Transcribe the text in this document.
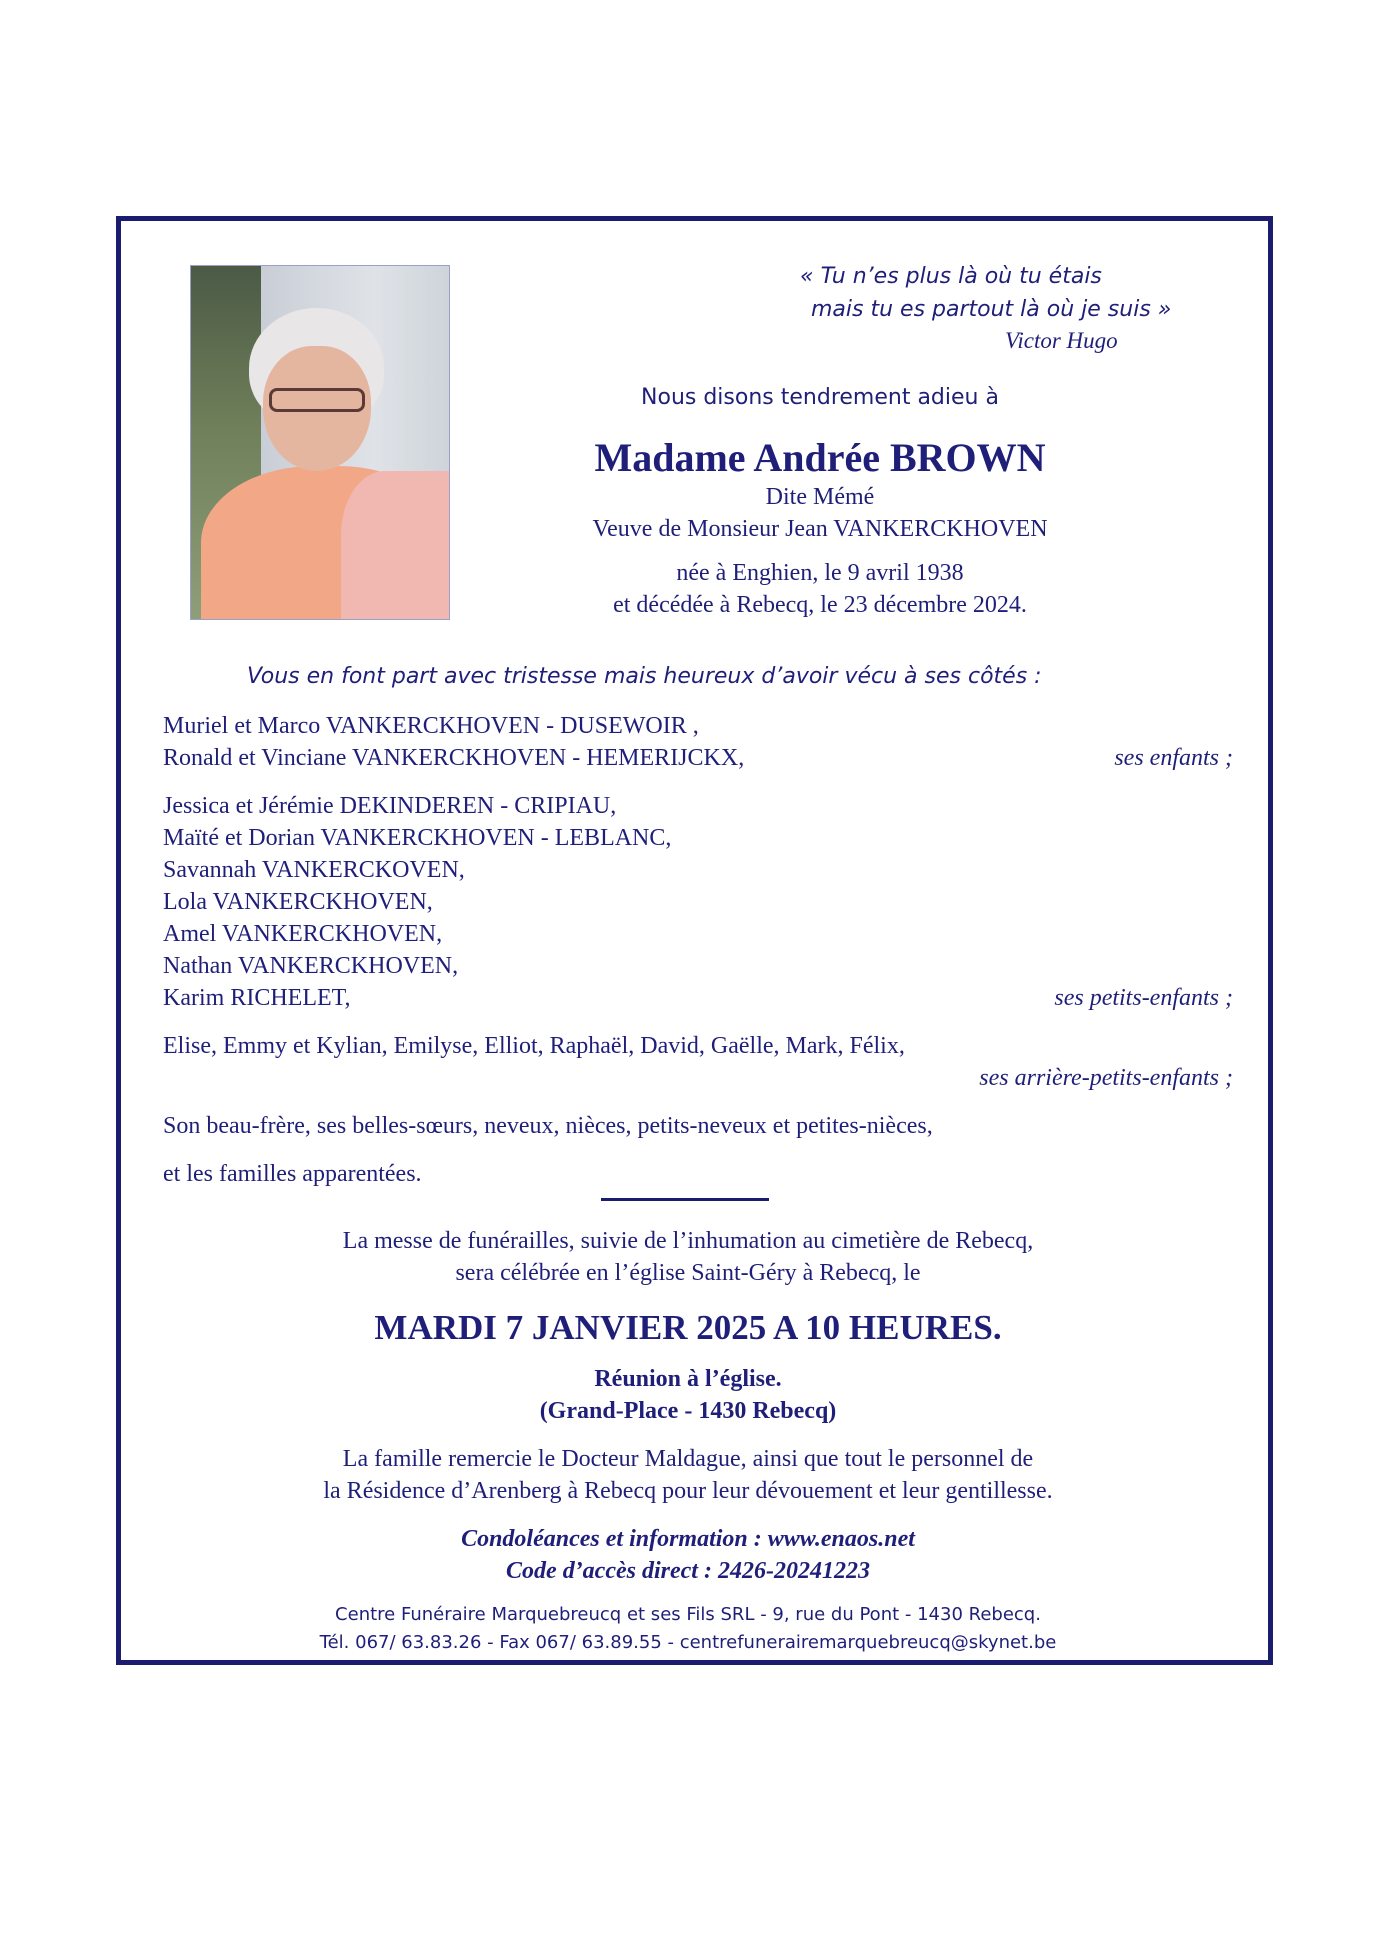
« Tu n’es plus là où tu étais
mais tu es partout là où je suis »
Victor Hugo
Nous disons tendrement adieu à
Madame Andrée BROWN
Dite Mémé
Veuve de Monsieur Jean VANKERCKHOVEN
née à Enghien, le 9 avril 1938
et décédée à Rebecq, le 23 décembre 2024.
Vous en font part avec tristesse mais heureux d’avoir vécu à ses côtés :
Muriel et Marco VANKERCKHOVEN - DUSEWOIR ,
Ronald et Vinciane VANKERCKHOVEN - HEMERIJCKX,	ses enfants ;
Jessica et Jérémie DEKINDEREN - CRIPIAU,
Maïté et Dorian VANKERCKHOVEN - LEBLANC,
Savannah VANKERCKOVEN,
Lola VANKERCKHOVEN,
Amel VANKERCKHOVEN,
Nathan VANKERCKHOVEN,
Karim RICHELET,	ses petits-enfants ;
Elise, Emmy et Kylian, Emilyse, Elliot, Raphaël, David, Gaëlle, Mark, Félix,
ses arrière-petits-enfants ;
Son beau-frère, ses belles-sœurs, neveux, nièces, petits-neveux et petites-nièces,
et les familles apparentées.
La messe de funérailles, suivie de l’inhumation au cimetière de Rebecq,
sera célébrée en l’église Saint-Géry à Rebecq, le
MARDI 7 JANVIER 2025 A 10 HEURES.
Réunion à l’église.
(Grand-Place - 1430 Rebecq)
La famille remercie le Docteur Maldague, ainsi que tout le personnel de
la Résidence d’Arenberg à Rebecq pour leur dévouement et leur gentillesse.
Condoléances et information : www.enaos.net
Code d’accès direct : 2426-20241223
Centre Funéraire Marquebreucq et ses Fils SRL - 9, rue du Pont - 1430 Rebecq.
Tél. 067/ 63.83.26 - Fax 067/ 63.89.55 - centrefunerairemarquebreucq@skynet.be
